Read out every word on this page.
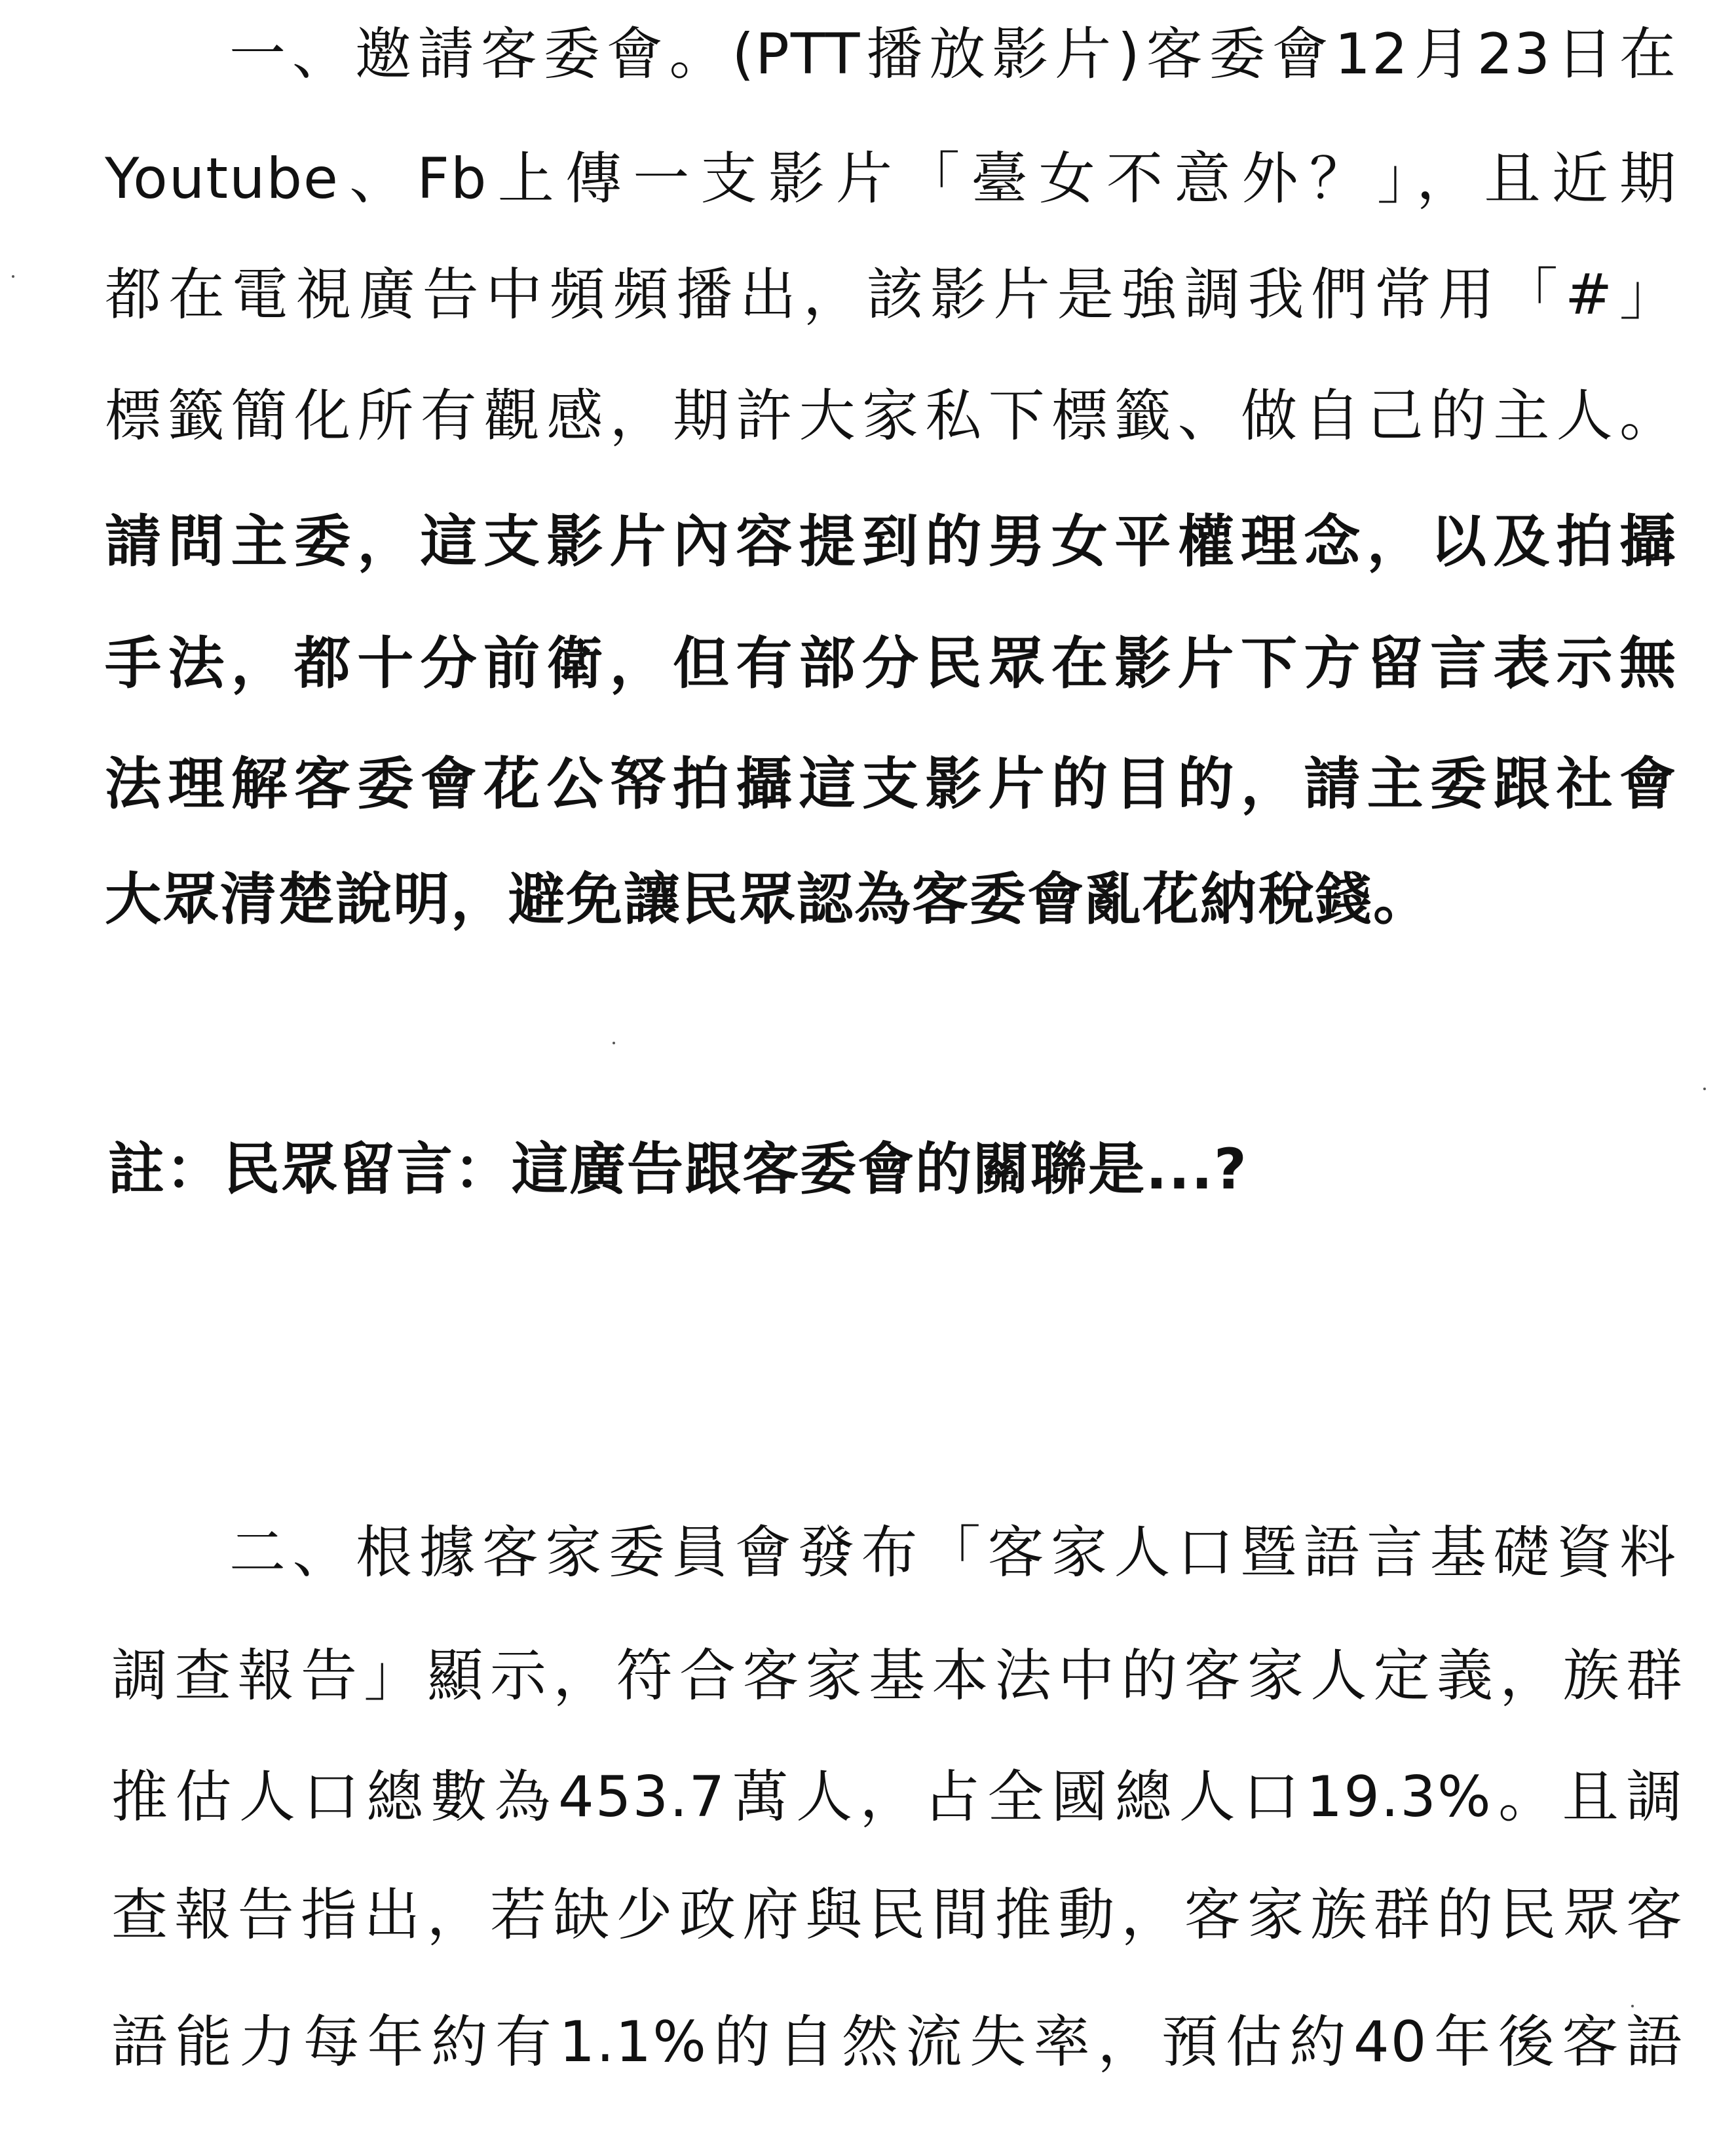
一、邀請客委會。(PTT播放影片)客委會12月23日在
Youtube、Fb上傳一支影片「臺女不意外？」，且近期
都在電視廣告中頻頻播出，該影片是強調我們常用「#」
標籤簡化所有觀感，期許大家私下標籤、做自己的主人。
請問主委，這支影片內容提到的男女平權理念，以及拍攝
手法，都十分前衛，但有部分民眾在影片下方留言表示無
法理解客委會花公帑拍攝這支影片的目的，請主委跟社會
大眾清楚說明，避免讓民眾認為客委會亂花納稅錢。
註：民眾留言：這廣告跟客委會的關聯是...?
二、根據客家委員會發布「客家人口暨語言基礎資料
調查報告」顯示，符合客家基本法中的客家人定義，族群
推估人口總數為453.7萬人，占全國總人口19.3%。且調
查報告指出，若缺少政府與民間推動，客家族群的民眾客
語能力每年約有1.1%的自然流失率，預估約40年後客語
